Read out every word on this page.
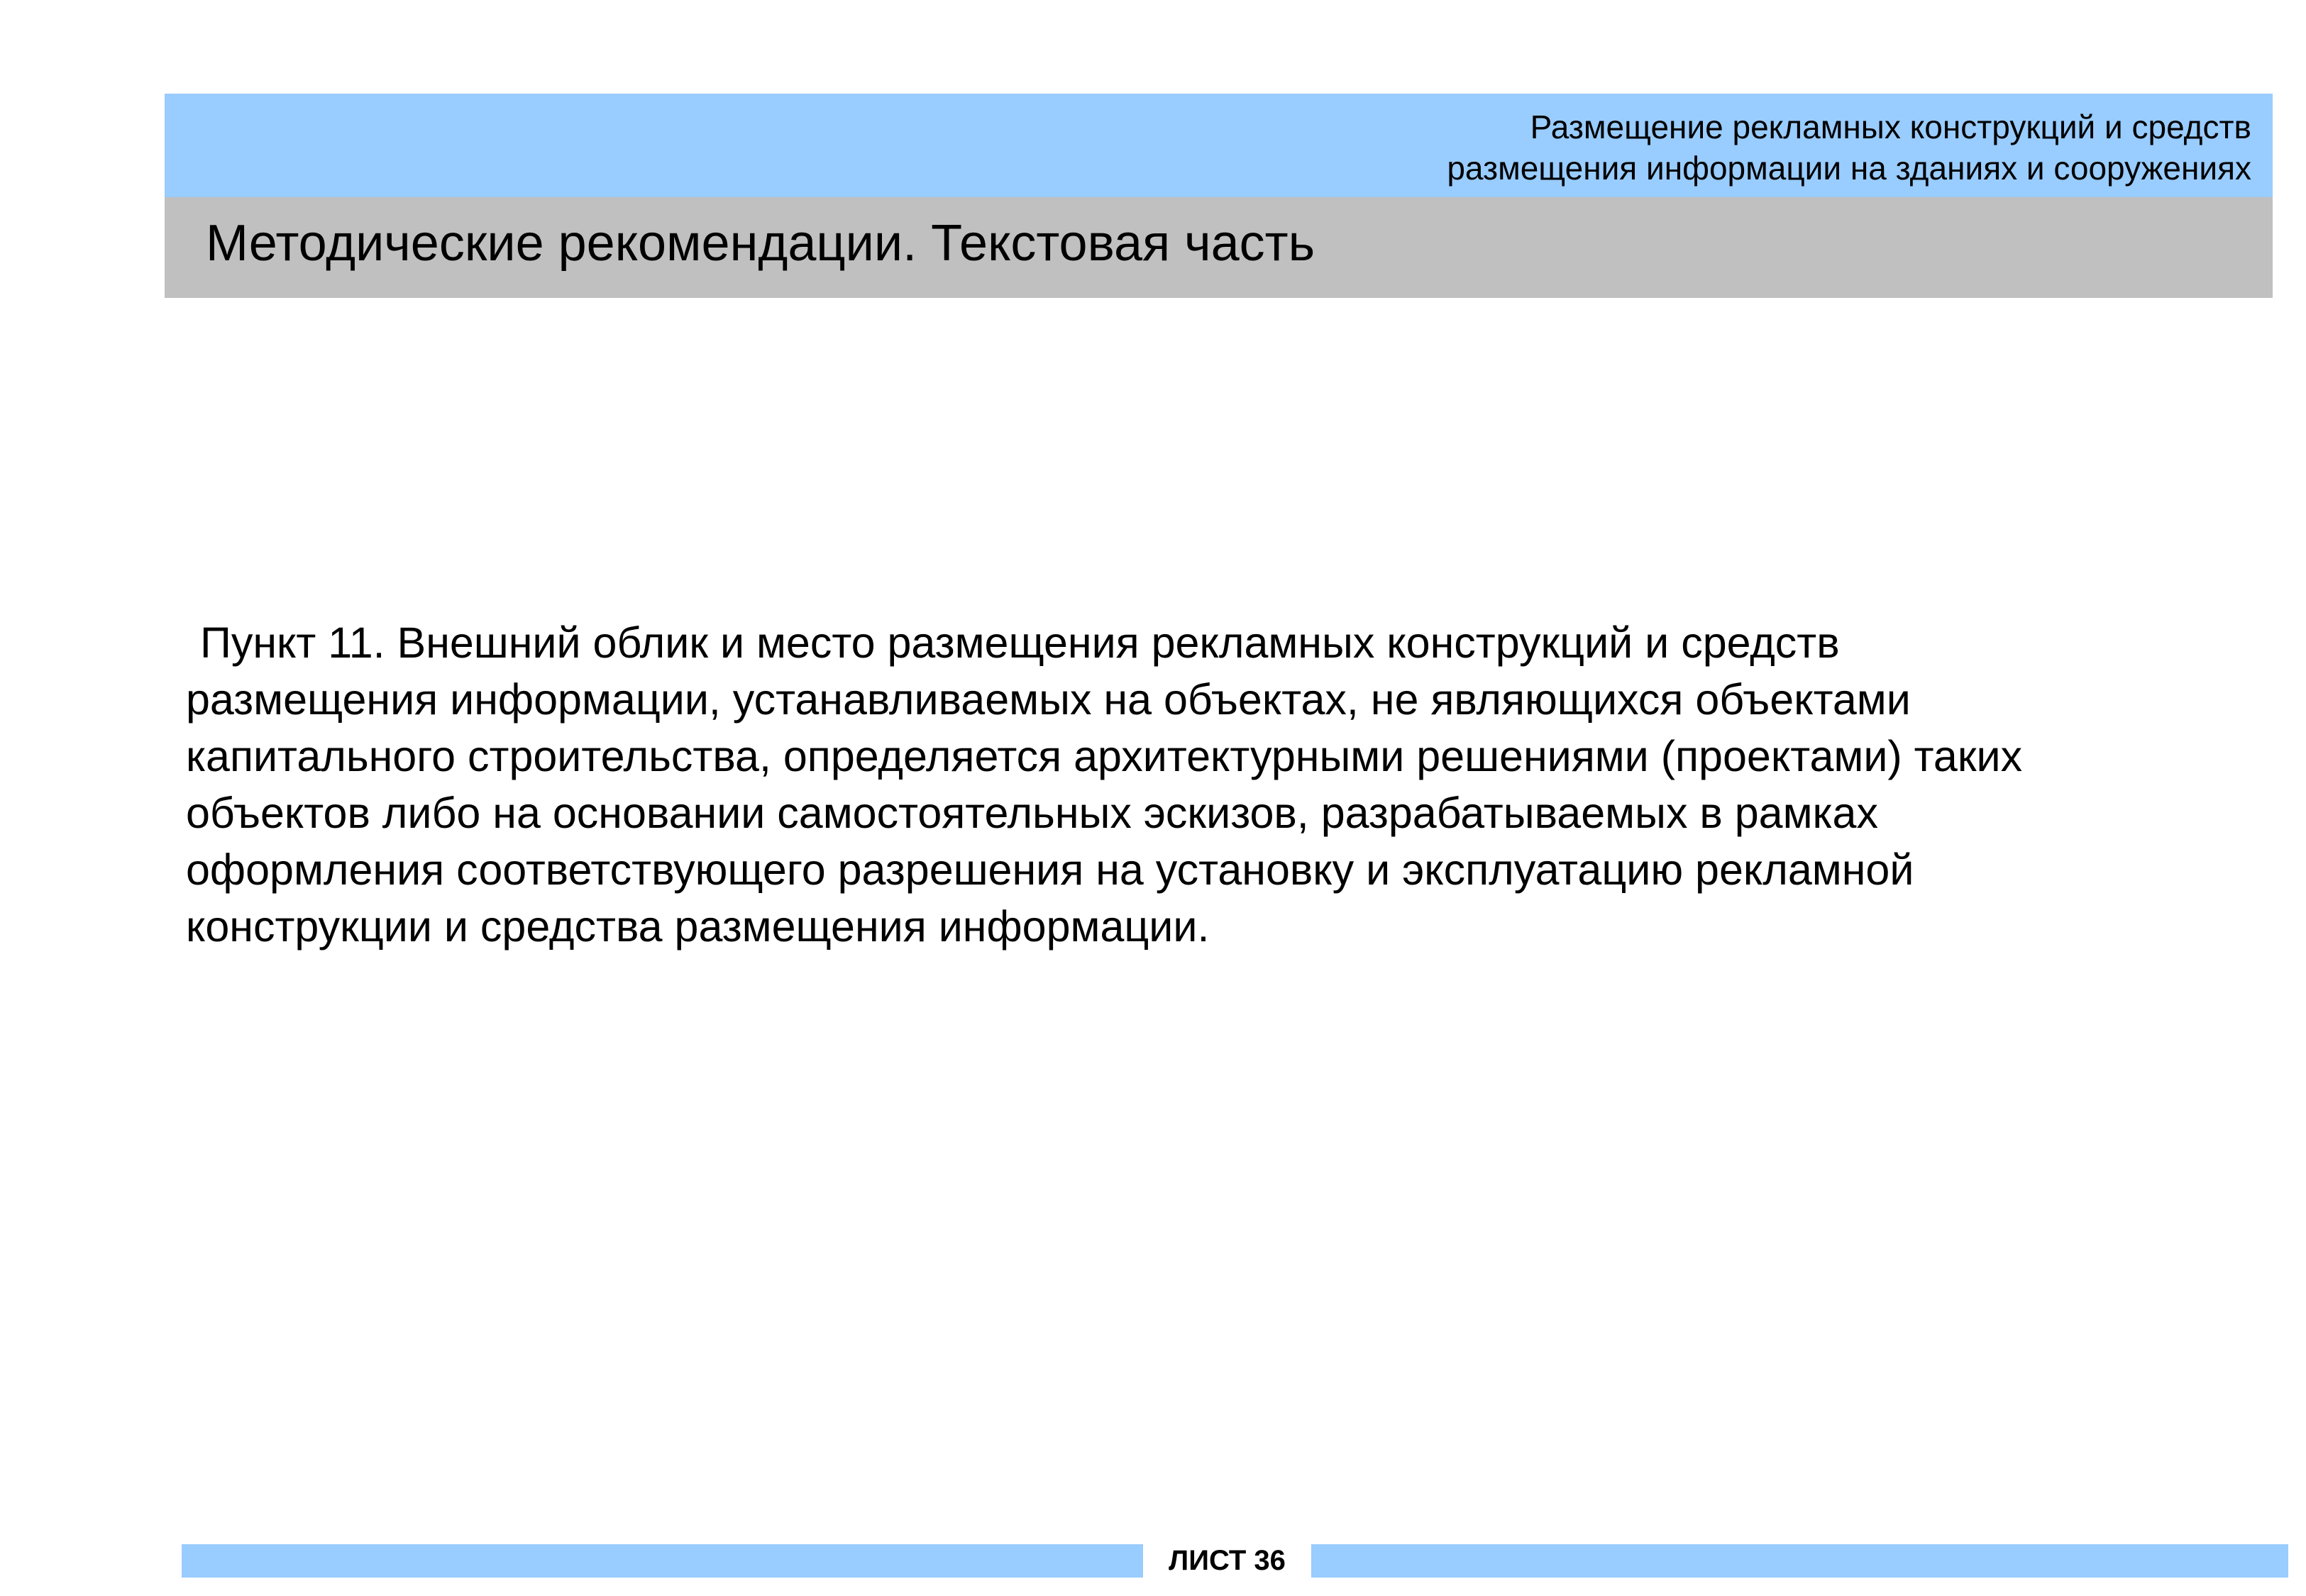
Размещение рекламных конструкций и средств
размещения информации на зданиях и сооружениях
Методические рекомендации. Текстовая часть
Пункт 11. Внешний облик и место размещения рекламных конструкций и средств
размещения информации, устанавливаемых на объектах, не являющихся объектами
капитального строительства, определяется архитектурными решениями (проектами) таких
объектов либо на основании самостоятельных эскизов, разрабатываемых в рамках
оформления соответствующего разрешения на установку и эксплуатацию рекламной
конструкции и средства размещения информации.
ЛИСТ 36
